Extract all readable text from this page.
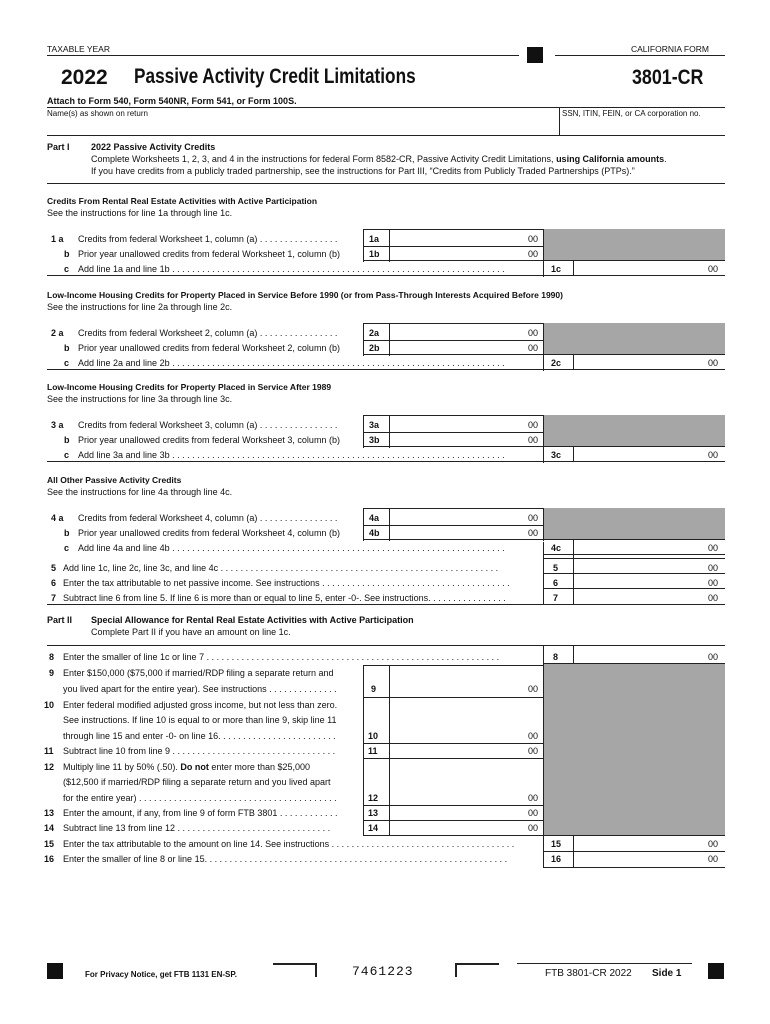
TAXABLE YEAR	CALIFORNIA FORM
2022 Passive Activity Credit Limitations	3801-CR
Attach to Form 540, Form 540NR, Form 541, or Form 100S.
Name(s) as shown on return	SSN, ITIN, FEIN, or CA corporation no.
Part I 2022 Passive Activity Credits
Complete Worksheets 1, 2, 3, and 4 in the instructions for federal Form 8582-CR, Passive Activity Credit Limitations, using California amounts.
If you have credits from a publicly traded partnership, see the instructions for Part III, “Credits from Publicly Traded Partnerships (PTPs).”
Credits From Rental Real Estate Activities with Active Participation
See the instructions for line 1a through line 1c.
1 a Credits from federal Worksheet 1, column (a) . . . . . . . . . . . . . . . .	1a	00
b Prior year unallowed credits from federal Worksheet 1, column (b)	1b	00
c Add line 1a and line 1b . . . . . . . . . . . . . . . . . . . . . . . . . . . . . . . . . . . . . . . . . . . . . . . . . . . . . . . . . . . . . . . . . . .	1c	00
Low-Income Housing Credits for Property Placed in Service Before 1990 (or from Pass-Through Interests Acquired Before 1990)
See the instructions for line 2a through line 2c.
2 a Credits from federal Worksheet 2, column (a) . . . . . . . . . . . . . . . .	2a	00
b Prior year unallowed credits from federal Worksheet 2, column (b)	2b	00
c Add line 2a and line 2b . . . . . . . . . . . . . . . . . . . . . . . . . . . . . . . . . . . . . . . . . . . . . . . . . . . . . . . . . . . . . . . . . . .	2c	00
Low-Income Housing Credits for Property Placed in Service After 1989
See the instructions for line 3a through line 3c.
3 a Credits from federal Worksheet 3, column (a) . . . . . . . . . . . . . . . .	3a	00
b Prior year unallowed credits from federal Worksheet 3, column (b)	3b	00
c Add line 3a and line 3b . . . . . . . . . . . . . . . . . . . . . . . . . . . . . . . . . . . . . . . . . . . . . . . . . . . . . . . . . . . . . . . . . . .	3c	00
All Other Passive Activity Credits
See the instructions for line 4a through line 4c.
4 a Credits from federal Worksheet 4, column (a) . . . . . . . . . . . . . . . .	4a	00
b Prior year unallowed credits from federal Worksheet 4, column (b)	4b	00
c Add line 4a and line 4b . . . . . . . . . . . . . . . . . . . . . . . . . . . . . . . . . . . . . . . . . . . . . . . . . . . . . . . . . . . . . . . . . . .	4c	00
5 Add line 1c, line 2c, line 3c, and line 4c . . . . . . . . . . . . . . . . . . . . . . . . . . . . . . . . . . . . . . . . . . . . . . . . . . . . . . . .	5	00
6 Enter the tax attributable to net passive income. See instructions . . . . . . . . . . . . . . . . . . . . . . . . . . . . . . . . . . . . . .	6	00
7 Subtract line 6 from line 5. If line 6 is more than or equal to line 5, enter -0-. See instructions. . . . . . . . . . . . . . . .	7	00
Part II Special Allowance for Rental Real Estate Activities with Active Participation
Complete Part II if you have an amount on line 1c.
8 Enter the smaller of line 1c or line 7 . . . . . . . . . . . . . . . . . . . . . . . . . . . . . . . . . . . . . . . . . . . . . . . . . . . . . . . . . . .	8	00
9 Enter $150,000 ($75,000 if married/RDP filing a separate return and
you lived apart for the entire year). See instructions . . . . . . . . . . . . . .	9	00
10 Enter federal modified adjusted gross income, but not less than zero.
See instructions. If line 10 is equal to or more than line 9, skip line 11
through line 15 and enter -0- on line 16. . . . . . . . . . . . . . . . . . . . . . . .	10	00
11 Subtract line 10 from line 9 . . . . . . . . . . . . . . . . . . . . . . . . . . . . . . . . .	11	00
12 Multiply line 11 by 50% (.50). Do not enter more than $25,000
($12,500 if married/RDP filing a separate return and you lived apart
for the entire year) . . . . . . . . . . . . . . . . . . . . . . . . . . . . . . . . . . . . . . . .	12	00
13 Enter the amount, if any, from line 9 of form FTB 3801 . . . . . . . . . . . .	13	00
14 Subtract line 13 from line 12 . . . . . . . . . . . . . . . . . . . . . . . . . . . . . . .	14	00
15 Enter the tax attributable to the amount on line 14. See instructions . . . . . . . . . . . . . . . . . . . . . . . . . . . . . . . . . . . . .	15	00
16 Enter the smaller of line 8 or line 15. . . . . . . . . . . . . . . . . . . . . . . . . . . . . . . . . . . . . . . . . . . . . . . . . . . . . . . . . . . . .	16	00
For Privacy Notice, get FTB 1131 EN-SP.	7461223	FTB 3801-CR 2022 Side 1
